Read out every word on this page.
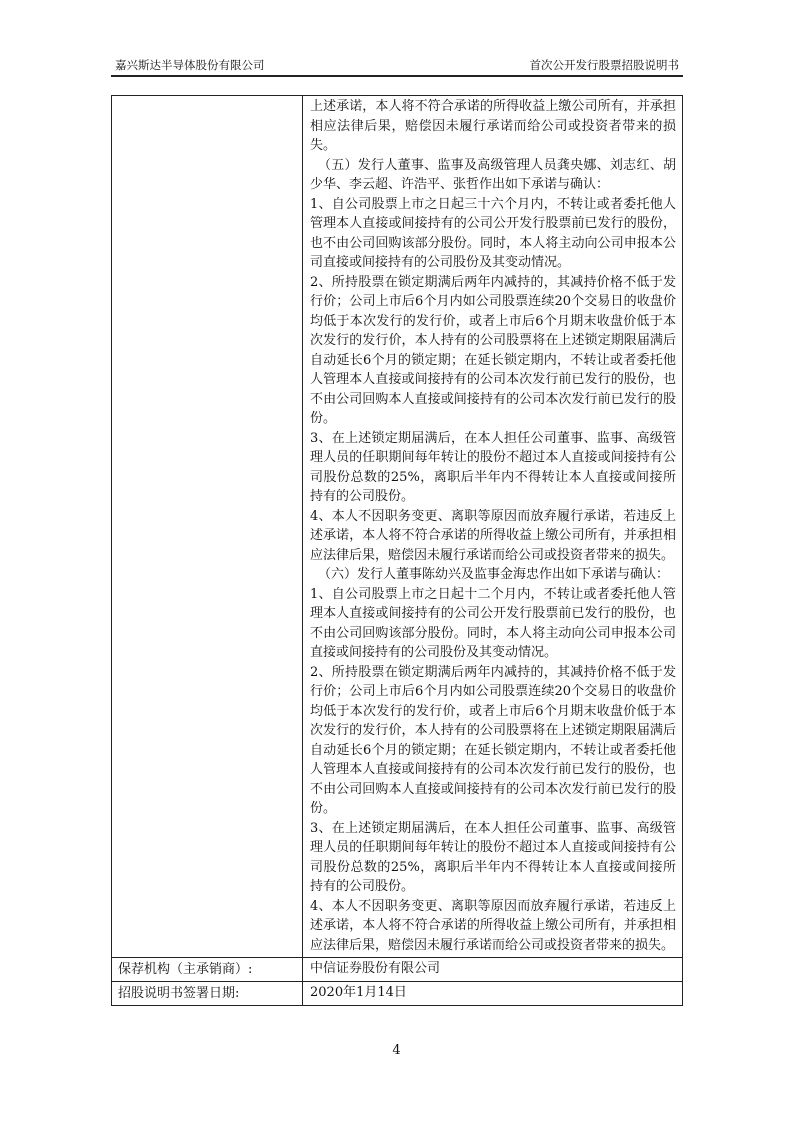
嘉兴斯达半导体股份有限公司	首次公开发行股票招股说明书

上述承诺，本人将不符合承诺的所得收益上缴公司所有，并承担相应法律后果，赔偿因未履行承诺而给公司或投资者带来的损失。

（五）发行人董事、监事及高级管理人员龚央娜、刘志红、胡少华、李云超、许浩平、张哲作出如下承诺与确认：

1、自公司股票上市之日起三十六个月内，不转让或者委托他人管理本人直接或间接持有的公司公开发行股票前已发行的股份，也不由公司回购该部分股份。同时，本人将主动向公司申报本公司直接或间接持有的公司股份及其变动情况。

2、所持股票在锁定期满后两年内减持的，其减持价格不低于发行价；公司上市后6个月内如公司股票连续20个交易日的收盘价均低于本次发行的发行价，或者上市后6个月期末收盘价低于本次发行的发行价，本人持有的公司股票将在上述锁定期限届满后自动延长6个月的锁定期；在延长锁定期内，不转让或者委托他人管理本人直接或间接持有的公司本次发行前已发行的股份，也不由公司回购本人直接或间接持有的公司本次发行前已发行的股份。

3、在上述锁定期届满后，在本人担任公司董事、监事、高级管理人员的任职期间每年转让的股份不超过本人直接或间接持有公司股份总数的25%，离职后半年内不得转让本人直接或间接所持有的公司股份。

4、本人不因职务变更、离职等原因而放弃履行承诺，若违反上述承诺，本人将不符合承诺的所得收益上缴公司所有，并承担相应法律后果，赔偿因未履行承诺而给公司或投资者带来的损失。

（六）发行人董事陈幼兴及监事金海忠作出如下承诺与确认：

1、自公司股票上市之日起十二个月内，不转让或者委托他人管理本人直接或间接持有的公司公开发行股票前已发行的股份，也不由公司回购该部分股份。同时，本人将主动向公司申报本公司直接或间接持有的公司股份及其变动情况。

2、所持股票在锁定期满后两年内减持的，其减持价格不低于发行价；公司上市后6个月内如公司股票连续20个交易日的收盘价均低于本次发行的发行价，或者上市后6个月期末收盘价低于本次发行的发行价，本人持有的公司股票将在上述锁定期限届满后自动延长6个月的锁定期；在延长锁定期内，不转让或者委托他人管理本人直接或间接持有的公司本次发行前已发行的股份，也不由公司回购本人直接或间接持有的公司本次发行前已发行的股份。

3、在上述锁定期届满后，在本人担任公司董事、监事、高级管理人员的任职期间每年转让的股份不超过本人直接或间接持有公司股份总数的25%，离职后半年内不得转让本人直接或间接所持有的公司股份。

4、本人不因职务变更、离职等原因而放弃履行承诺，若违反上述承诺，本人将不符合承诺的所得收益上缴公司所有，并承担相应法律后果，赔偿因未履行承诺而给公司或投资者带来的损失。

保荐机构（主承销商）:	中信证券股份有限公司
招股说明书签署日期:	2020年1月14日
4
